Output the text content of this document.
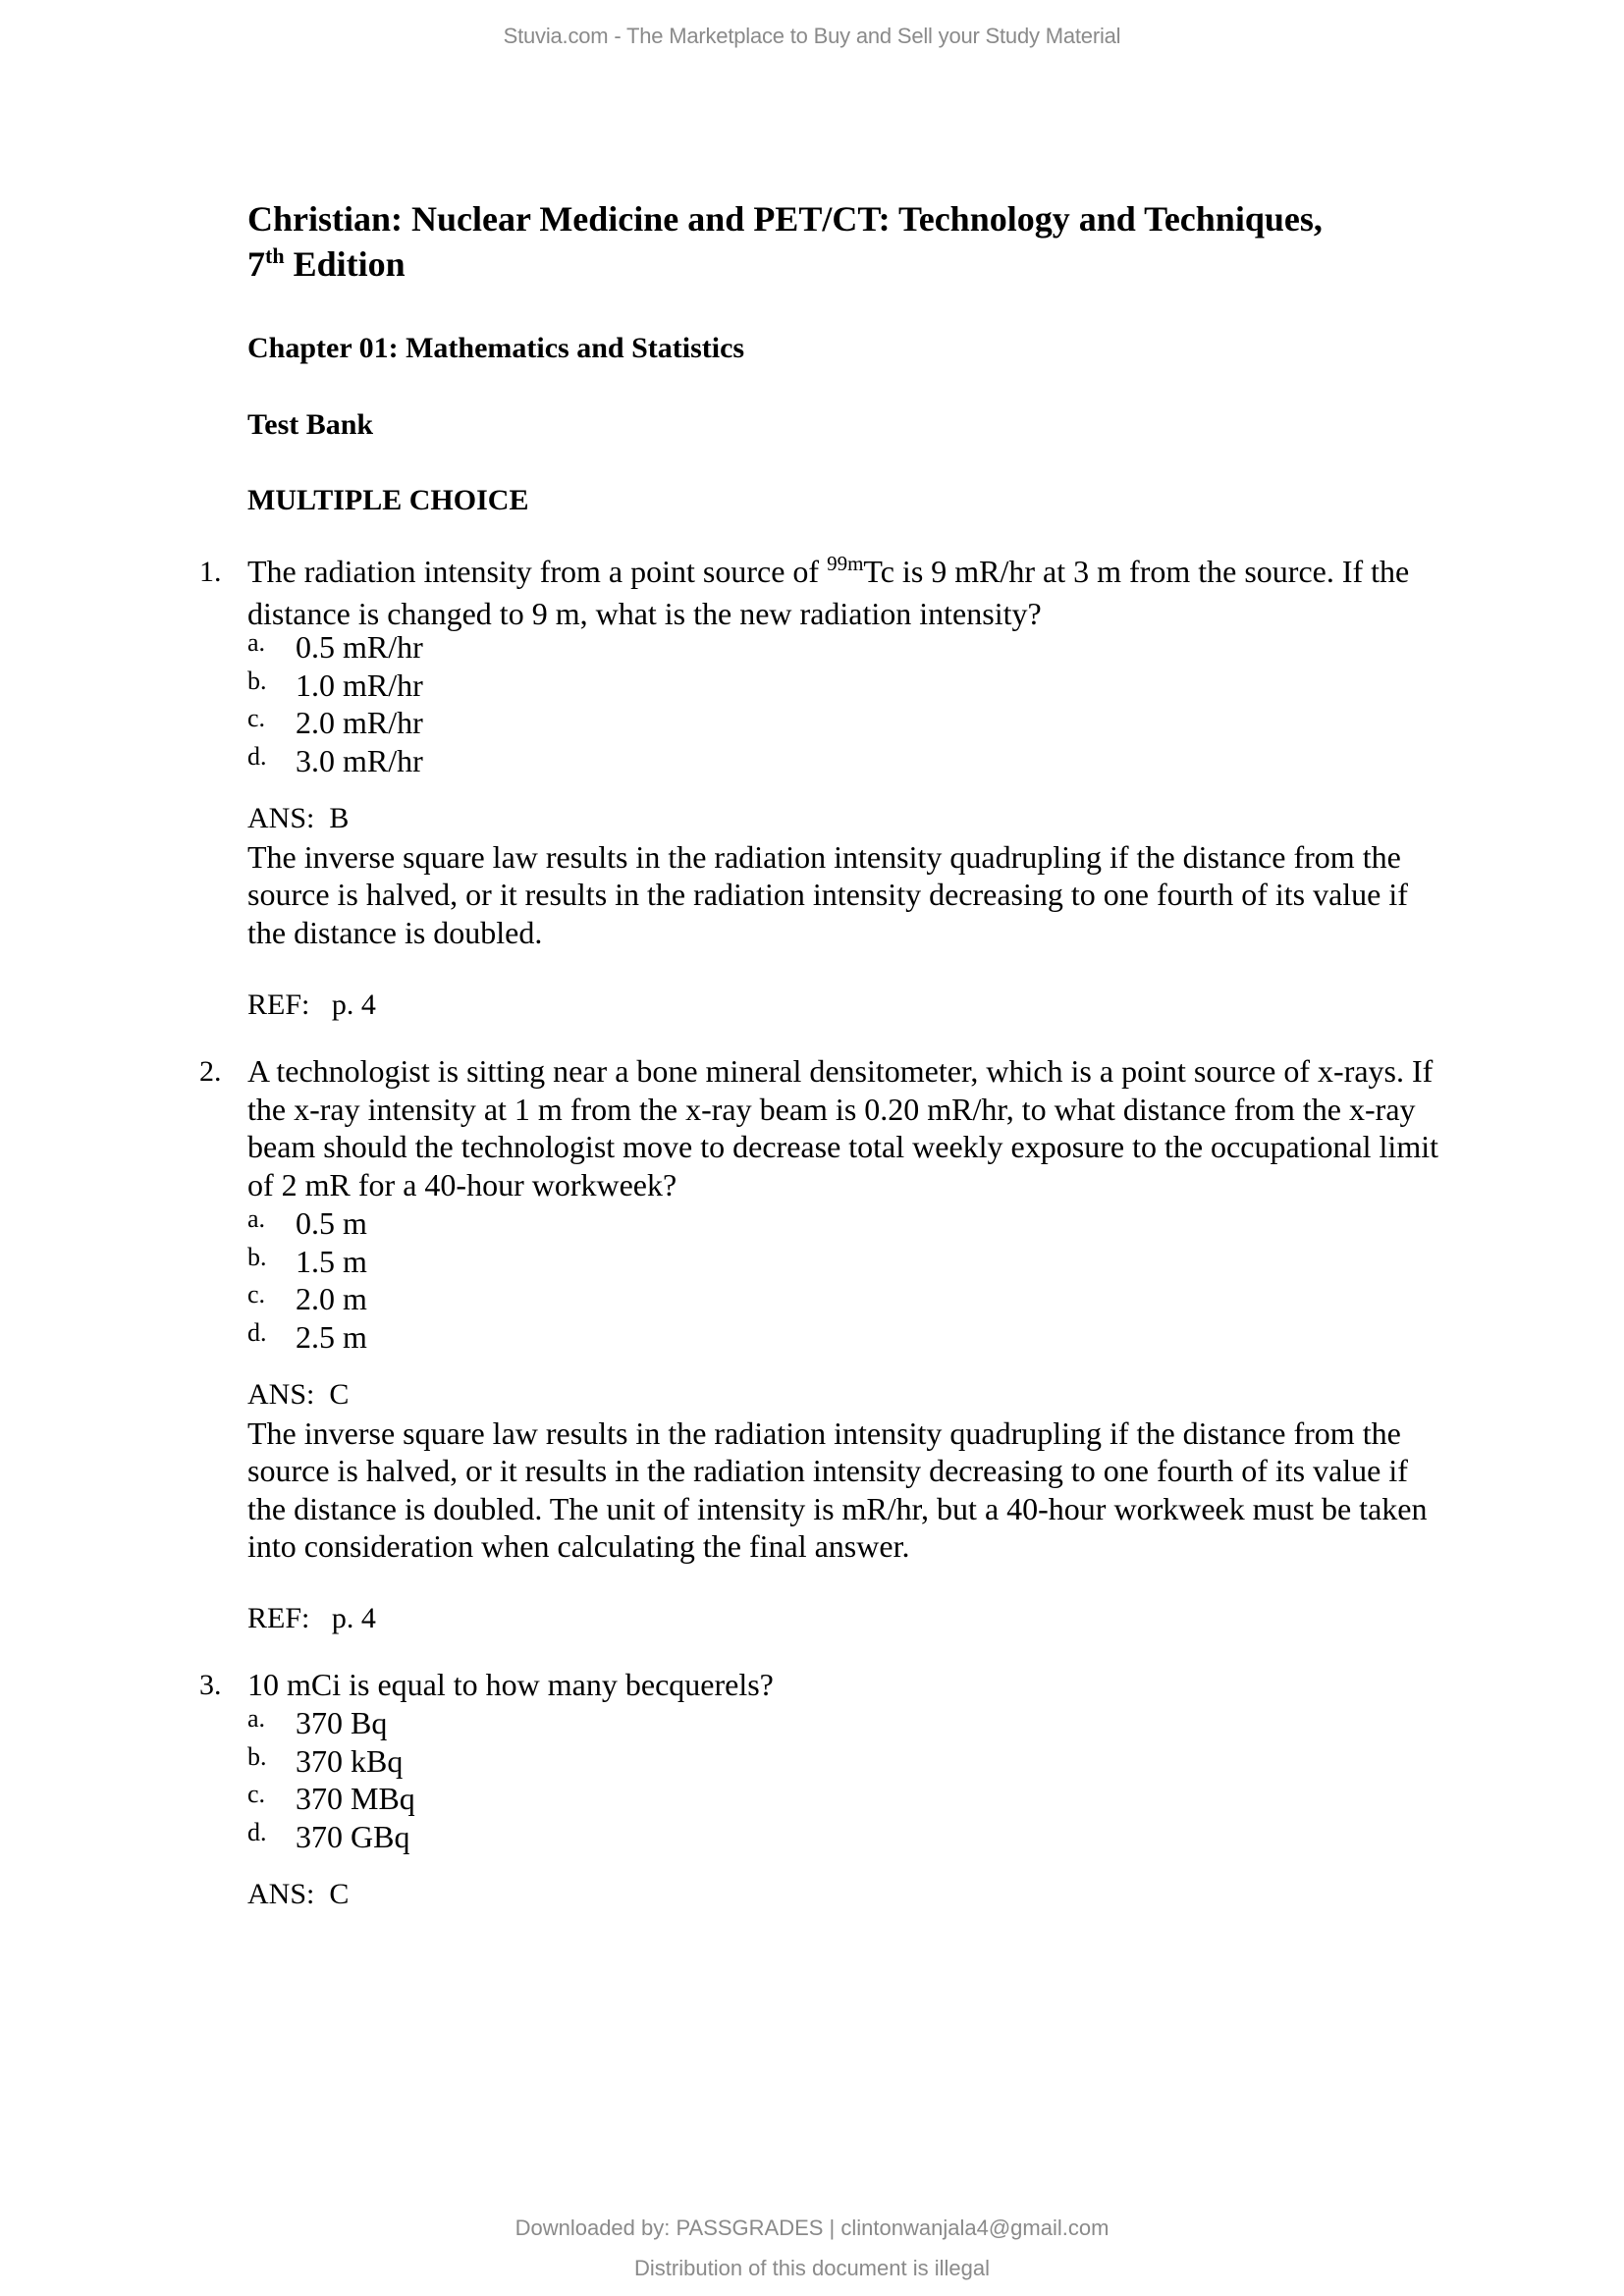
Stuvia.com - The Marketplace to Buy and Sell your Study Material
Christian: Nuclear Medicine and PET/CT: Technology and Techniques,
7th Edition
Chapter 01: Mathematics and Statistics
Test Bank
MULTIPLE CHOICE
1. The radiation intensity from a point source of $^{99m}$Tc is 9 mR/hr at 3 m from the source. If the distance is changed to 9 m, what is the new radiation intensity?
a. 0.5 mR/hr
b. 1.0 mR/hr
c. 2.0 mR/hr
d. 3.0 mR/hr
ANS:  B
The inverse square law results in the radiation intensity quadrupling if the distance from the source is halved, or it results in the radiation intensity decreasing to one fourth of its value if the distance is doubled.
REF:   p. 4
2. A technologist is sitting near a bone mineral densitometer, which is a point source of x-rays. If the x-ray intensity at 1 m from the x-ray beam is 0.20 mR/hr, to what distance from the x-ray beam should the technologist move to decrease total weekly exposure to the occupational limit of 2 mR for a 40-hour workweek?
a. 0.5 m
b. 1.5 m
c. 2.0 m
d. 2.5 m
ANS:  C
The inverse square law results in the radiation intensity quadrupling if the distance from the source is halved, or it results in the radiation intensity decreasing to one fourth of its value if the distance is doubled. The unit of intensity is mR/hr, but a 40-hour workweek must be taken into consideration when calculating the final answer.
REF:   p. 4
3. 10 mCi is equal to how many becquerels?
a. 370 Bq
b. 370 kBq
c. 370 MBq
d. 370 GBq
ANS:  C
Downloaded by: PASSGRADES | clintonwanjala4@gmail.com
Distribution of this document is illegal
